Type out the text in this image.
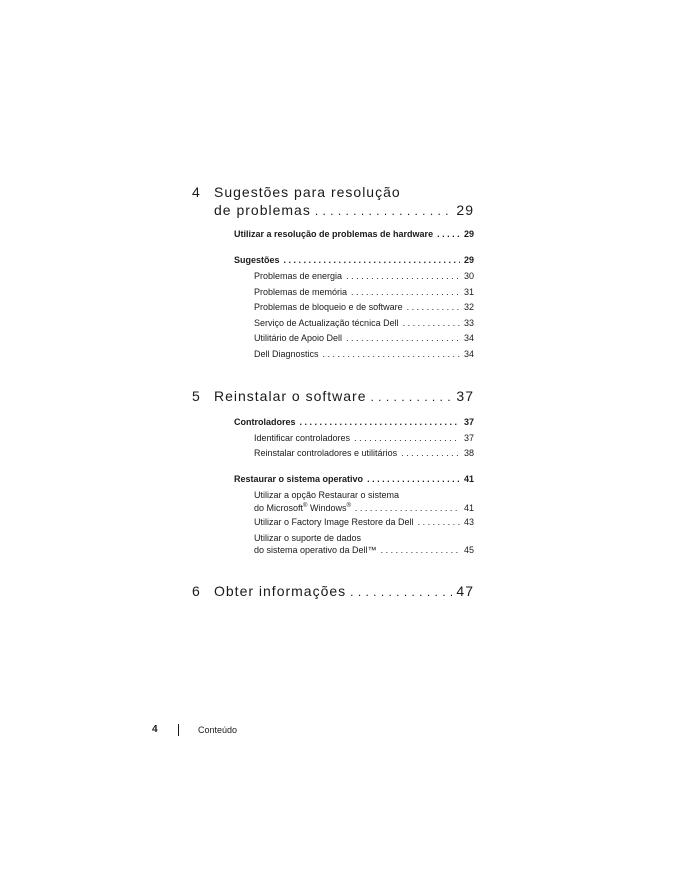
4 Sugestões para resolução
de problemas . . .	29
Utilizar a resolução de problemas de hardware . . .	29
Sugestões . . .	29
Problemas de energia . . .	30
Problemas de memória . . .	31
Problemas de bloqueio e de software . . .	32
Serviço de Actualização técnica Dell . . .	33
Utilitário de Apoio Dell . . .	34
Dell Diagnostics . . .	34
5 Reinstalar o software . . .	37
Controladores . . .	37
Identificar controladores . . .	37
Reinstalar controladores e utilitários . . .	38
Restaurar o sistema operativo . . .	41
Utilizar a opção Restaurar o sistema
do Microsoft® Windows® . . .	41
Utilizar o Factory Image Restore da Dell . . .	43
Utilizar o suporte de dados
do sistema operativo da Dell™ . . .	45
6 Obter informações . . .	47
4	Conteúdo
